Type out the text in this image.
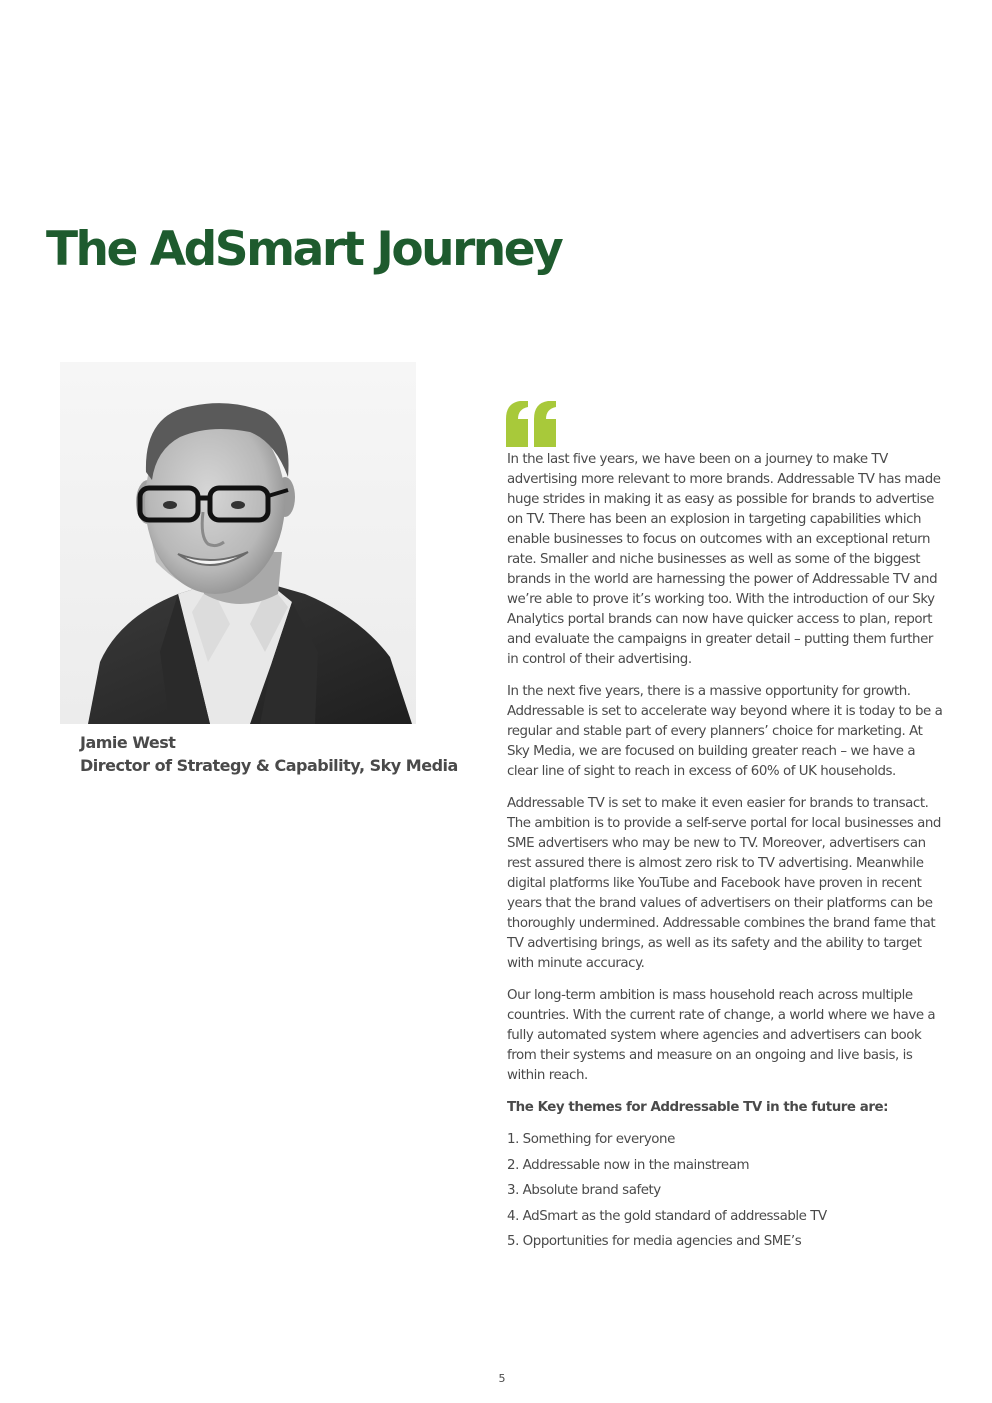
The AdSmart Journey
Jamie West
Director of Strategy & Capability, Sky Media

In the last five years, we have been on a journey to make TV advertising more relevant to more brands. Addressable TV has made huge strides in making it as easy as possible for brands to advertise on TV. There has been an explosion in targeting capabilities which enable businesses to focus on outcomes with an exceptional return rate. Smaller and niche businesses as well as some of the biggest brands in the world are harnessing the power of Addressable TV and we’re able to prove it’s working too. With the introduction of our Sky Analytics portal brands can now have quicker access to plan, report and evaluate the campaigns in greater detail – putting them further in control of their advertising.

In the next five years, there is a massive opportunity for growth. Addressable is set to accelerate way beyond where it is today to be a regular and stable part of every planners’ choice for marketing. At Sky Media, we are focused on building greater reach – we have a clear line of sight to reach in excess of 60% of UK households.

Addressable TV is set to make it even easier for brands to transact. The ambition is to provide a self-serve portal for local businesses and SME advertisers who may be new to TV. Moreover, advertisers can rest assured there is almost zero risk to TV advertising. Meanwhile digital platforms like YouTube and Facebook have proven in recent years that the brand values of advertisers on their platforms can be thoroughly undermined. Addressable combines the brand fame that TV advertising brings, as well as its safety and the ability to target with minute accuracy.

Our long-term ambition is mass household reach across multiple countries. With the current rate of change, a world where we have a fully automated system where agencies and advertisers can book from their systems and measure on an ongoing and live basis, is within reach.

The Key themes for Addressable TV in the future are:

1. Something for everyone
2. Addressable now in the mainstream
3. Absolute brand safety
4. AdSmart as the gold standard of addressable TV
5. Opportunities for media agencies and SME’s
5
